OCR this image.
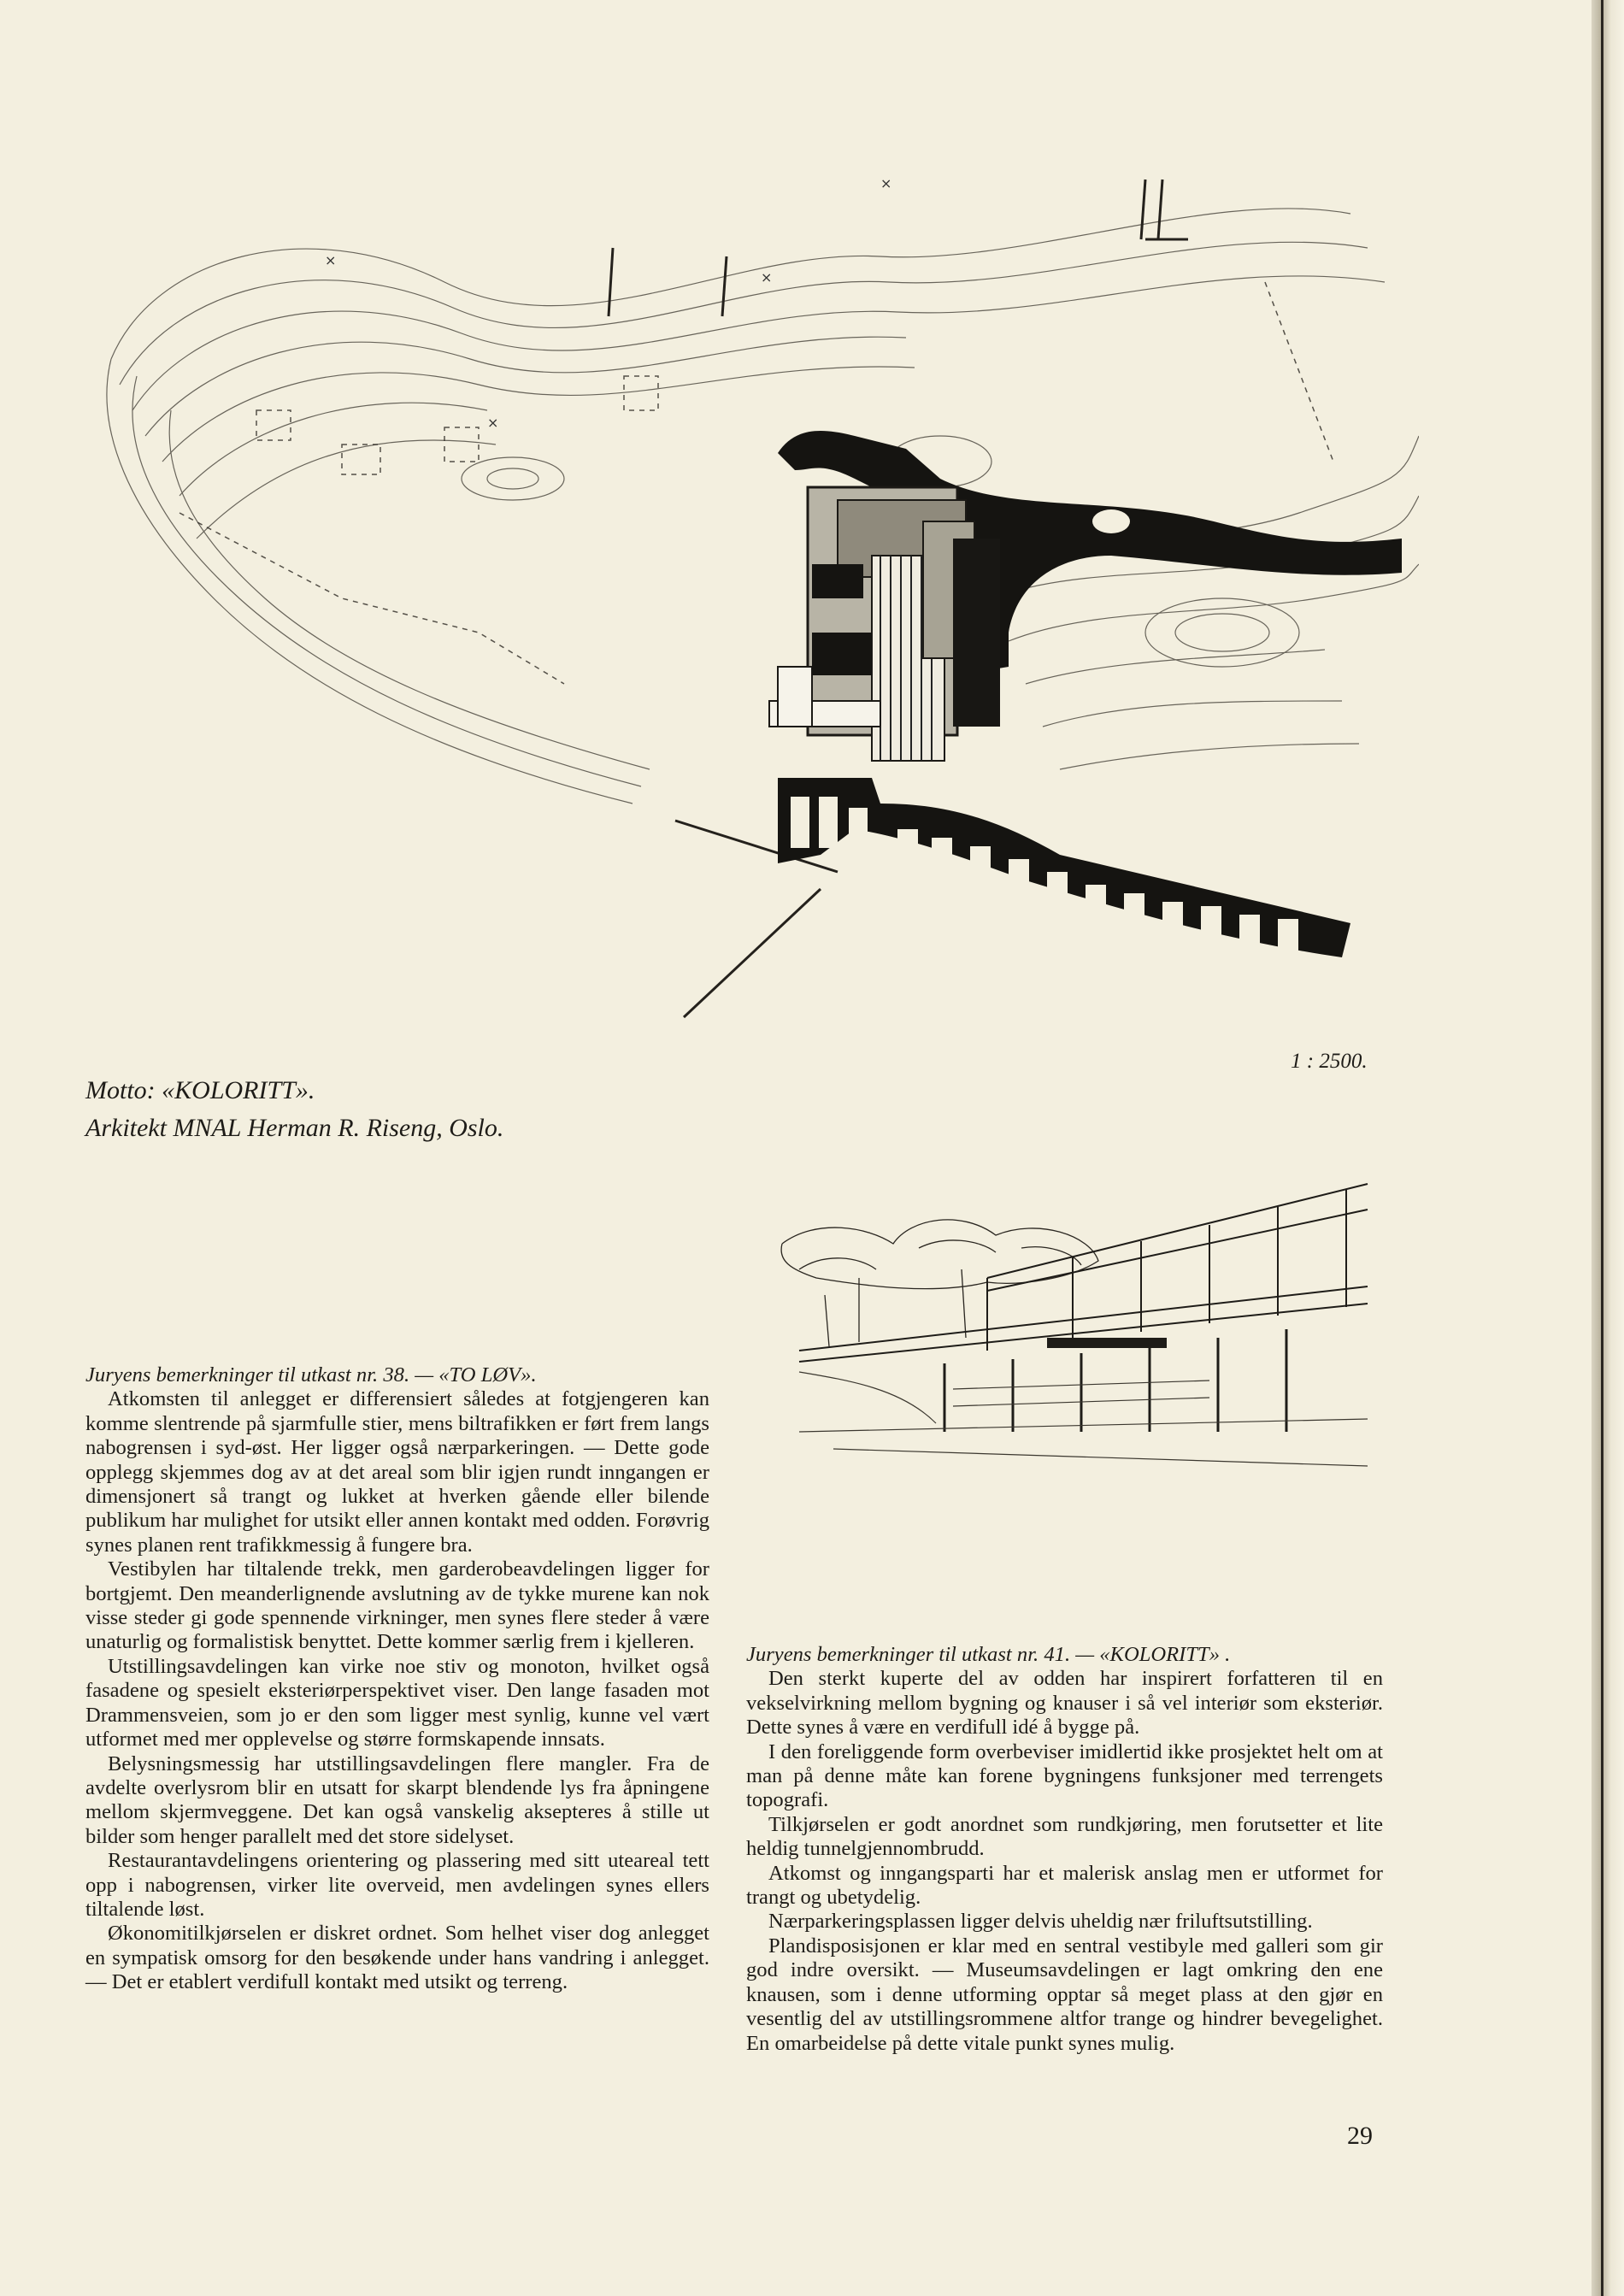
×
×
×
×
1 : 2500.
Motto: «KOLORITT».
Arkitekt MNAL Herman R. Riseng, Oslo.

Juryens bemerkninger til utkast nr. 38. — «TO LØV».

Atkomsten til anlegget er differensiert således at fotgjengeren kan komme slentrende på sjarmfulle stier, mens biltrafikken er ført frem langs nabogrensen i syd-øst. Her ligger også nærparkeringen. — Dette gode opplegg skjemmes dog av at det areal som blir igjen rundt inngangen er dimensjonert så trangt og lukket at hverken gående eller bilende publikum har mulighet for utsikt eller annen kontakt med odden. Forøvrig synes planen rent trafikkmessig å fungere bra.

Vestibylen har tiltalende trekk, men garderobeavdelingen ligger for bortgjemt. Den meanderlignende avslutning av de tykke murene kan nok visse steder gi gode spennende virkninger, men synes flere steder å være unaturlig og formalistisk benyttet. Dette kommer særlig frem i kjelleren.

Utstillingsavdelingen kan virke noe stiv og monoton, hvilket også fasadene og spesielt eksteriørperspektivet viser. Den lange fasaden mot Drammensveien, som jo er den som ligger mest synlig, kunne vel vært utformet med mer opplevelse og større formskapende innsats.

Belysningsmessig har utstillingsavdelingen flere mangler. Fra de avdelte overlysrom blir en utsatt for skarpt blendende lys fra åpningene mellom skjermveggene. Det kan også vanskelig aksepteres å stille ut bilder som henger parallelt med det store sidelyset.

Restaurantavdelingens orientering og plassering med sitt uteareal tett opp i nabogrensen, virker lite overveid, men avdelingen synes ellers tiltalende løst.

Økonomitilkjørselen er diskret ordnet. Som helhet viser dog anlegget en sympatisk omsorg for den besøkende under hans vandring i anlegget. — Det er etablert verdifull kontakt med utsikt og terreng.

Juryens bemerkninger til utkast nr. 41. — «KOLORITT» .

Den sterkt kuperte del av odden har inspirert forfatteren til en vekselvirkning mellom bygning og knauser i så vel interiør som eksteriør. Dette synes å være en verdifull idé å bygge på.

I den foreliggende form overbeviser imidlertid ikke prosjektet helt om at man på denne måte kan forene bygningens funksjoner med terrengets topografi.

Tilkjørselen er godt anordnet som rundkjøring, men forutsetter et lite heldig tunnelgjennombrudd.

Atkomst og inngangsparti har et malerisk anslag men er utformet for trangt og ubetydelig.

Nærparkeringsplassen ligger delvis uheldig nær friluftsutstilling.

Plandisposisjonen er klar med en sentral vestibyle med galleri som gir god indre oversikt. — Museumsavdelingen er lagt omkring den ene knausen, som i denne utforming opptar så meget plass at den gjør en vesentlig del av utstillingsrommene altfor trange og hindrer bevegelighet. En omarbeidelse på dette vitale punkt synes mulig.

29
